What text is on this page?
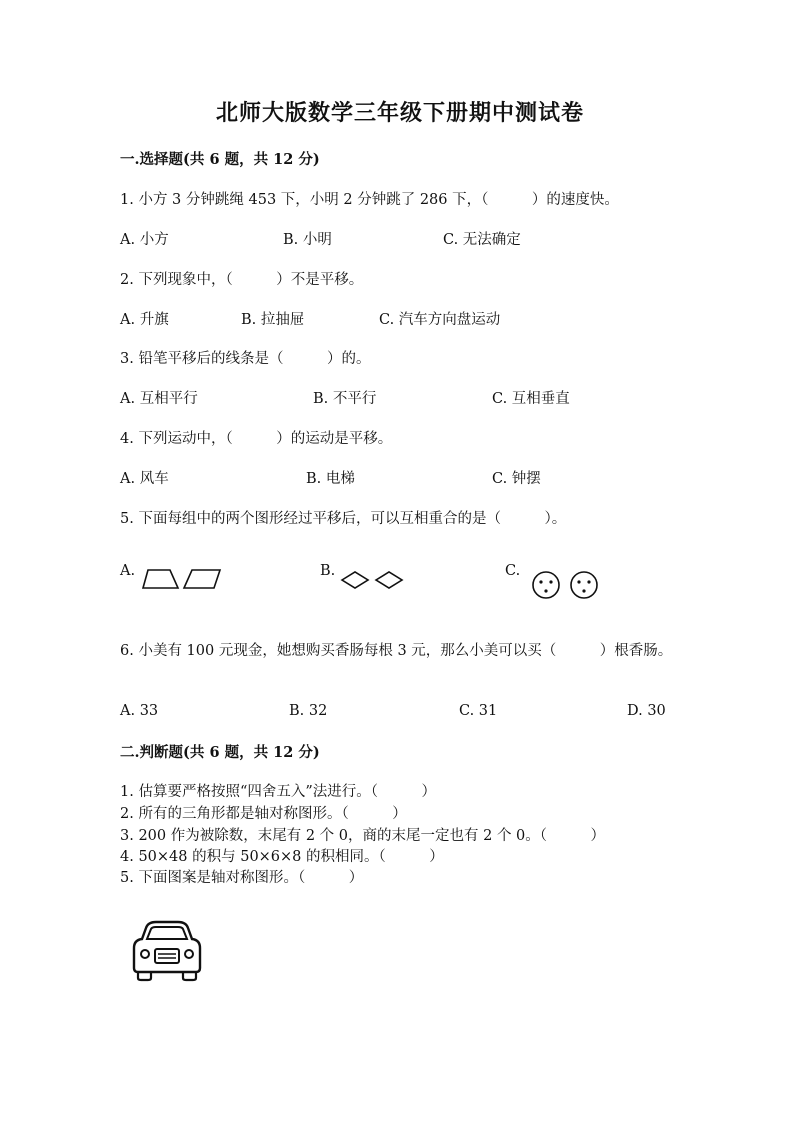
北师大版数学三年级下册期中测试卷
一.选择题(共 6 题，共 12 分)
1. 小方 3 分钟跳绳 453 下，小明 2 分钟跳了 286 下，（　　　）的速度快。
A. 小方	B. 小明	C. 无法确定
2. 下列现象中，（　　　）不是平移。
A. 升旗	B. 拉抽屉	C. 汽车方向盘运动
3. 铅笔平移后的线条是（　　　）的。
A. 互相平行	B. 不平行	C. 互相垂直
4. 下列运动中，（　　　）的运动是平移。
A. 风车	B. 电梯	C. 钟摆
5. 下面每组中的两个图形经过平移后，可以互相重合的是（　　　）。
A.	B.	C.
6. 小美有 100 元现金，她想购买香肠每根 3 元，那么小美可以买（　　　）根香肠。
A. 33	B. 32	C. 31	D. 30
二.判断题(共 6 题，共 12 分)
1. 估算要严格按照“四舍五入”法进行。（　　　）
2. 所有的三角形都是轴对称图形。（　　　）
3. 200 作为被除数，末尾有 2 个 0，商的末尾一定也有 2 个 0。（　　　）
4. 50×48 的积与 50×6×8 的积相同。（　　　）
5. 下面图案是轴对称图形。（　　　）
